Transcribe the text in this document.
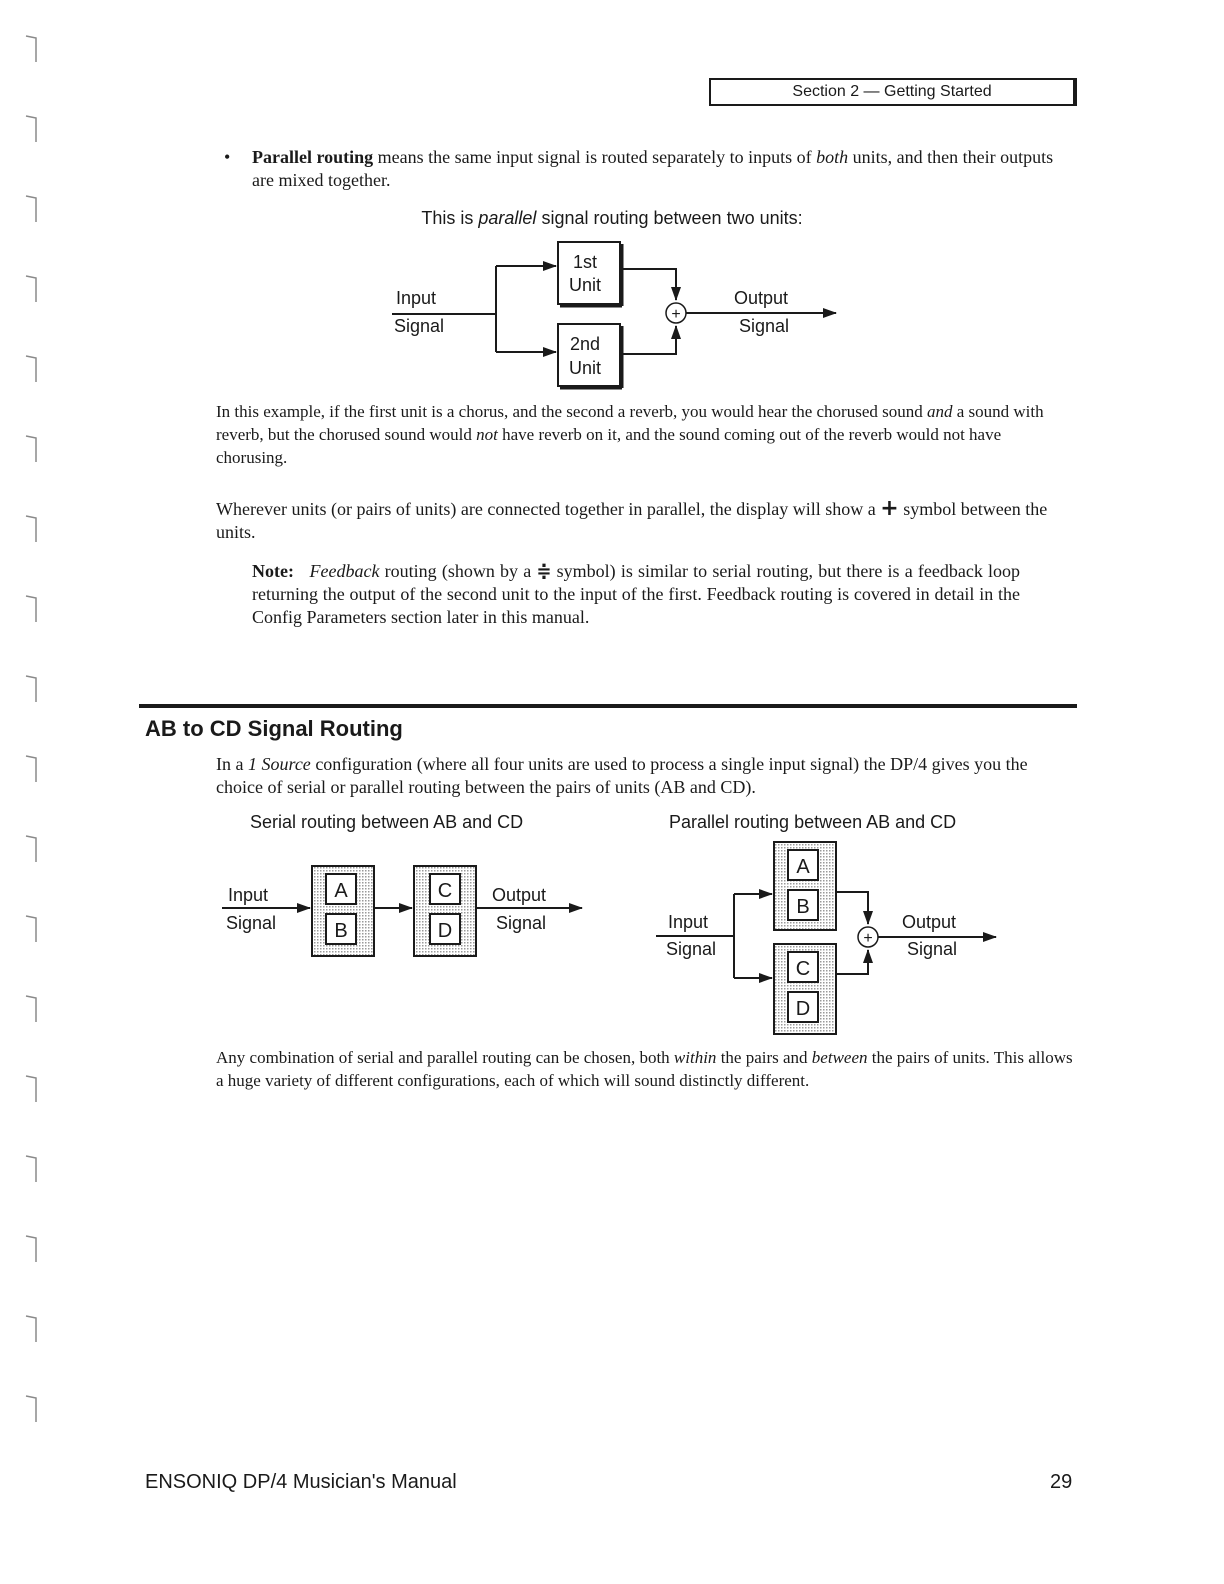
Section 2 — Getting Started
• Parallel routing means the same input signal is routed separately to inputs of both units, and then their outputs are mixed together.
This is parallel signal routing between two units:
1st
Unit
2nd
Unit
+
Input
Signal
Output
Signal
In this example, if the first unit is a chorus, and the second a reverb, you would hear the chorused sound and a sound with reverb, but the chorused sound would not have reverb on it, and the sound coming out of the reverb would not have chorusing.
Wherever units (or pairs of units) are connected together in parallel, the display will show a + symbol between the units.
Note: Feedback routing (shown by a ≑ symbol) is similar to serial routing, but there is a feedback loop returning the output of the second unit to the input of the first. Feedback routing is covered in detail in the Config Parameters section later in this manual.
AB to CD Signal Routing
In a 1 Source configuration (where all four units are used to process a single input signal) the DP/4 gives you the choice of serial or parallel routing between the pairs of units (AB and CD).
Serial routing between AB and CD	Parallel routing between AB and CD
A
B
C
D
Input
Signal
Output
Signal
A
B
C
D
+
Input
Signal
Output
Signal
Any combination of serial and parallel routing can be chosen, both within the pairs and between the pairs of units. This allows a huge variety of different configurations, each of which will sound distinctly different.
ENSONIQ DP/4 Musician's Manual	29
